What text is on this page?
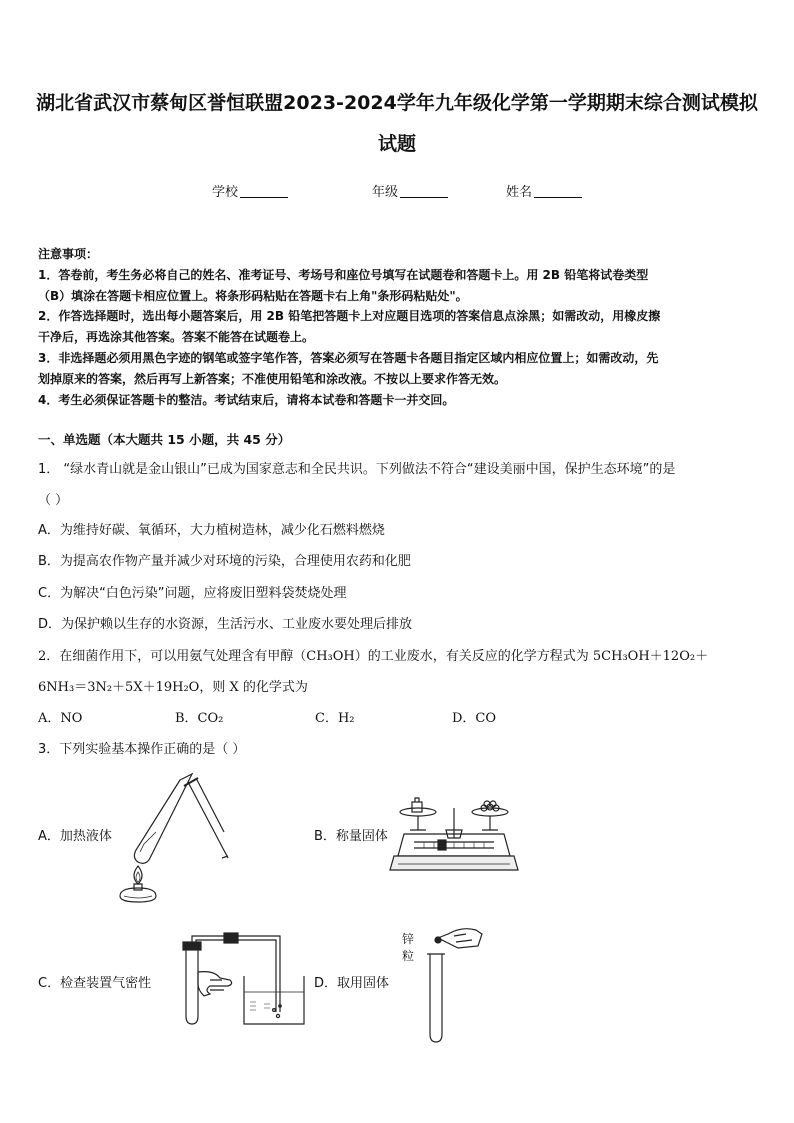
湖北省武汉市蔡甸区誉恒联盟2023-2024学年九年级化学第一学期期末综合测试模拟
试题
学校	年级	姓名

注意事项：

1．答卷前，考生务必将自己的姓名、准考证号、考场号和座位号填写在试题卷和答题卡上。用 2B 铅笔将试卷类型

（B）填涂在答题卡相应位置上。将条形码粘贴在答题卡右上角"条形码粘贴处"。

2．作答选择题时，选出每小题答案后，用 2B 铅笔把答题卡上对应题目选项的答案信息点涂黑；如需改动，用橡皮擦

干净后，再选涂其他答案。答案不能答在试题卷上。

3．非选择题必须用黑色字迹的钢笔或签字笔作答，答案必须写在答题卡各题目指定区域内相应位置上；如需改动，先

划掉原来的答案，然后再写上新答案；不准使用铅笔和涂改液。不按以上要求作答无效。

4．考生必须保证答题卡的整洁。考试结束后，请将本试卷和答题卡一并交回。

一、单选题（本大题共 15 小题，共 45 分）
1． “绿水青山就是金山银山”已成为国家意志和全民共识。下列做法不符合“建设美丽中国，保护生态环境”的是
（ ）
A．为维持好碳、氧循环，大力植树造林，减少化石燃料燃烧
B．为提高农作物产量并减少对环境的污染，合理使用农药和化肥
C．为解决“白色污染”问题，应将废旧塑料袋焚烧处理
D．为保护赖以生存的水资源，生活污水、工业废水要处理后排放
2．在细菌作用下，可以用氨气处理含有甲醇（CH₃OH）的工业废水，有关反应的化学方程式为 5CH₃OH＋12O₂＋
6NH₃＝3N₂＋5X＋19H₂O，则 X 的化学式为
A．NO	B．CO₂	C．H₂	D．CO
3．下列实验基本操作正确的是（ ）
A．加热液体	B．称量固体
C．检查装置气密性	D．取用固体
锌
粒
